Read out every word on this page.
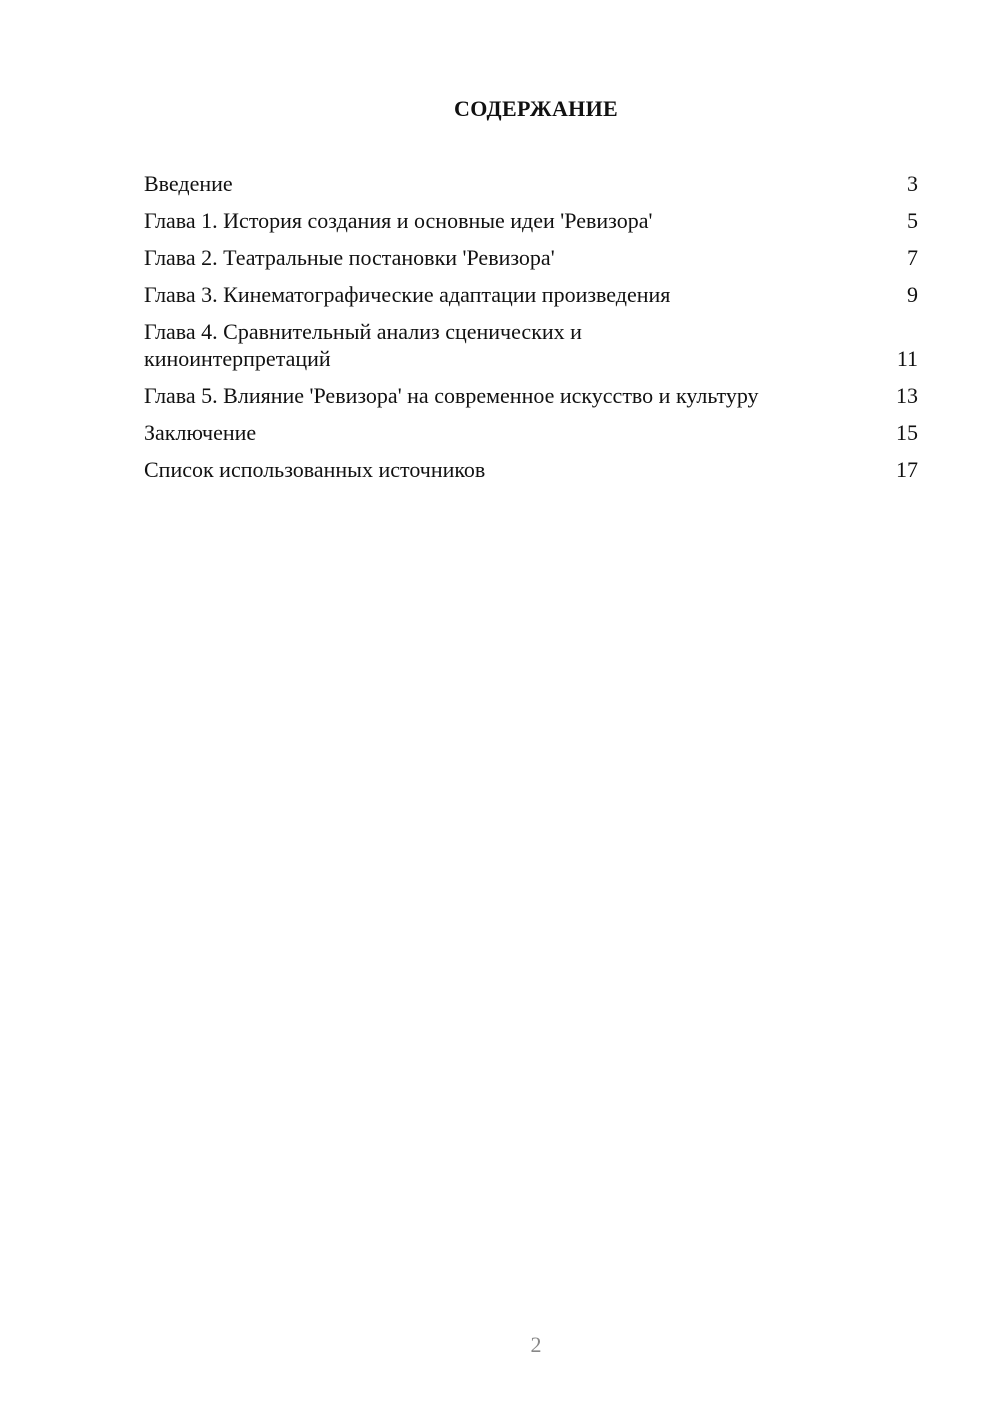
СОДЕРЖАНИЕ
Введение	3
Глава 1. История создания и основные идеи 'Ревизора'	5
Глава 2. Театральные постановки 'Ревизора'	7
Глава 3. Кинематографические адаптации произведения	9
Глава 4. Сравнительный анализ сценических и киноинтерпретаций	11
Глава 5. Влияние 'Ревизора' на современное искусство и культуру	13
Заключение	15
Список использованных источников	17
2
